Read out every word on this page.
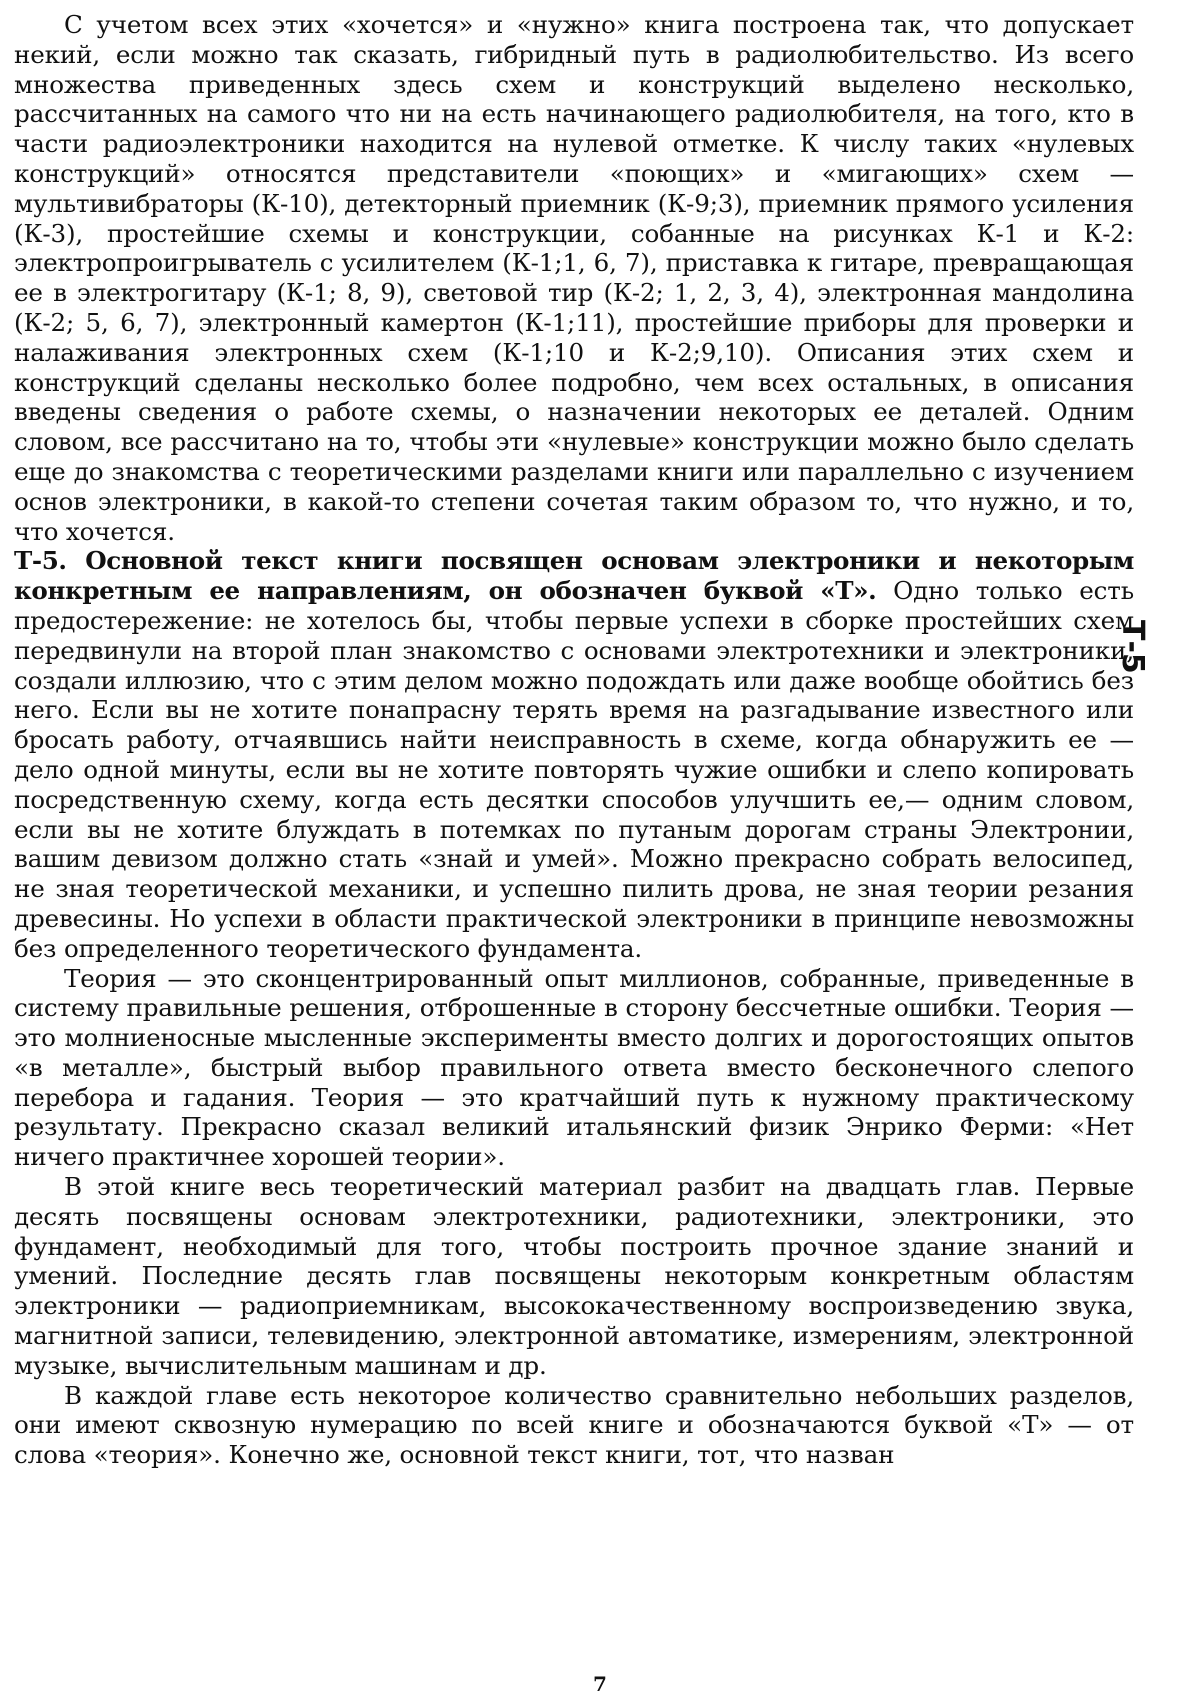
С учетом всех этих «хочется» и «нужно» книга построена так, что допускает некий, если можно так сказать, гибридный путь в радиолюбительство. Из всего множества приведенных здесь схем и конструкций выделено несколько, рассчитанных на самого что ни на есть начинающего радиолюбителя, на того, кто в части радиоэлектроники находится на нулевой отметке. К числу таких «нулевых конструкций» относятся представители «поющих» и «мигающих» схем — мультивибраторы (К-10), детекторный приемник (К-9;3), приемник прямого усиления (К-3), простейшие схемы и конструкции, собанные на рисунках К-1 и К-2: электропроигрыватель с усилителем (К-1;1, 6, 7), приставка к гитаре, превращающая ее в электрогитару (К-1; 8, 9), световой тир (К-2; 1, 2, 3, 4), электронная мандолина (К-2; 5, 6, 7), электронный камертон (К-1;11), простейшие приборы для проверки и налаживания электронных схем (К-1;10 и К-2;9,10). Описания этих схем и конструкций сделаны несколько более подробно, чем всех остальных, в описания введены сведения о работе схемы, о назначении некоторых ее деталей. Одним словом, все рассчитано на то, чтобы эти «нулевые» конструкции можно было сделать еще до знакомства с теоретическими разделами книги или параллельно с изучением основ электроники, в какой-то степени сочетая таким образом то, что нужно, и то, что хочется.

Т-5. Основной текст книги посвящен основам электроники и некоторым конкретным ее направлениям, он обозначен буквой «Т». Одно только есть предостережение: не хотелось бы, чтобы первые успехи в сборке простейших схем передвинули на второй план знакомство с основами электротехники и электроники, создали иллюзию, что с этим делом можно подождать или даже вообще обойтись без него. Если вы не хотите понапрасну терять время на разгадывание известного или бросать работу, отчаявшись найти неисправность в схеме, когда обнаружить ее — дело одной минуты, если вы не хотите повторять чужие ошибки и слепо копировать посредственную схему, когда есть десятки способов улучшить ее,— одним словом, если вы не хотите блуждать в потемках по путаным дорогам страны Электронии, вашим девизом должно стать «знай и умей». Можно прекрасно собрать велосипед, не зная теоретической механики, и успешно пилить дрова, не зная теории резания древесины. Но успехи в области практической электроники в принципе невозможны без определенного теоретического фундамента.

Теория — это сконцентрированный опыт миллионов, собранные, приведенные в систему правильные решения, отброшенные в сторону бессчетные ошибки. Теория — это молниеносные мысленные эксперименты вместо долгих и дорогостоящих опытов «в металле», быстрый выбор правильного ответа вместо бесконечного слепого перебора и гадания. Теория — это кратчайший путь к нужному практическому результату. Прекрасно сказал великий итальянский физик Энрико Ферми: «Нет ничего практичнее хорошей теории».

В этой книге весь теоретический материал разбит на двадцать глав. Первые десять посвящены основам электротехники, радиотехники, электроники, это фундамент, необходимый для того, чтобы построить прочное здание знаний и умений. Последние десять глав посвящены некоторым конкретным областям электроники — радиоприемникам, высококачественному воспроизведению звука, магнитной записи, телевидению, электронной автоматике, измерениям, электронной музыке, вычислительным машинам и др.

В каждой главе есть некоторое количество сравнительно небольших разделов, они имеют сквозную нумерацию по всей книге и обозначаются буквой «Т» — от слова «теория». Конечно же, основной текст книги, тот, что назван

Т-5
7
